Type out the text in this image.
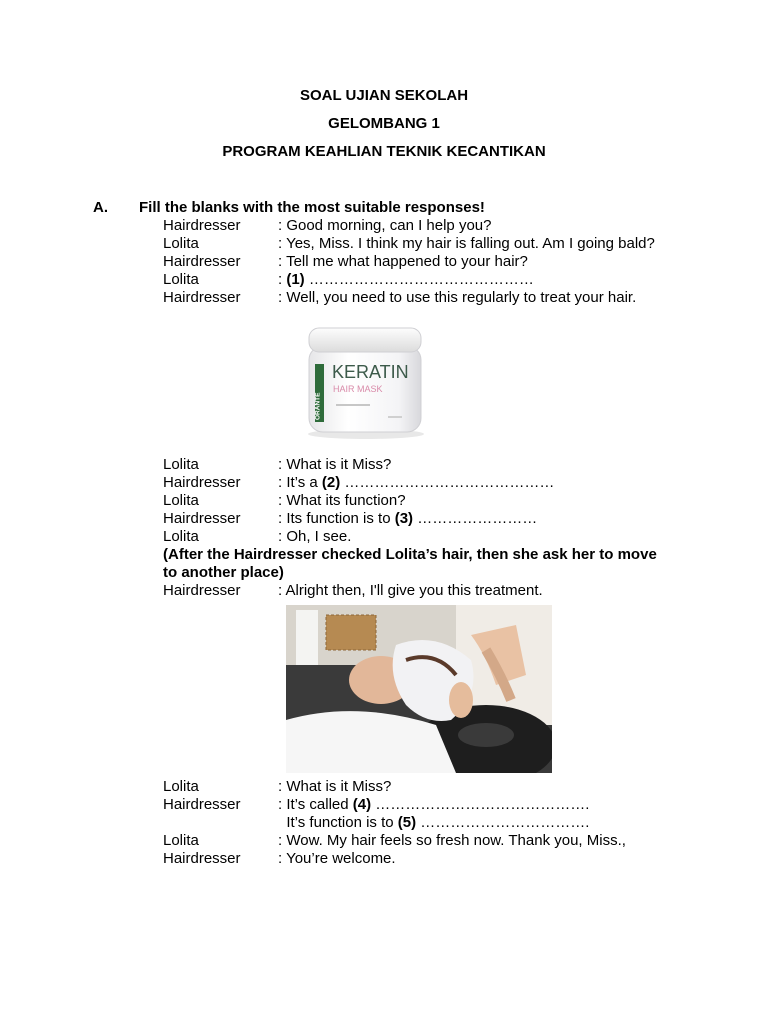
SOAL UJIAN SEKOLAH
GELOMBANG 1
PROGRAM KEAHLIAN TEKNIK KECANTIKAN
A. Fill the blanks with the most suitable responses!
Hairdresser : Good morning, can I help you?
Lolita	: Yes, Miss. I think my hair is falling out. Am I going bald?
Hairdresser : Tell me what happened to your hair?
Lolita	: (1) ………………………………………
Hairdresser : Well, you need to use this regularly to treat your hair.
ORANTE
KERATIN
HAIR MASK
Lolita	: What is it Miss?
Hairdresser : It’s a (2) ……………………………………
Lolita	: What its function?
Hairdresser : Its function is to (3) ……………………
Lolita	: Oh, I see.
(After the Hairdresser checked Lolita’s hair, then she ask her to move
to another place)
Hairdresser : Alright then, I'll give you this treatment.
Lolita	: What is it Miss?
Hairdresser : It’s called (4) …………………………………….
It’s function is to (5) …………………………….
Lolita	: Wow. My hair feels so fresh now. Thank you, Miss.,
Hairdresser : You’re welcome.
